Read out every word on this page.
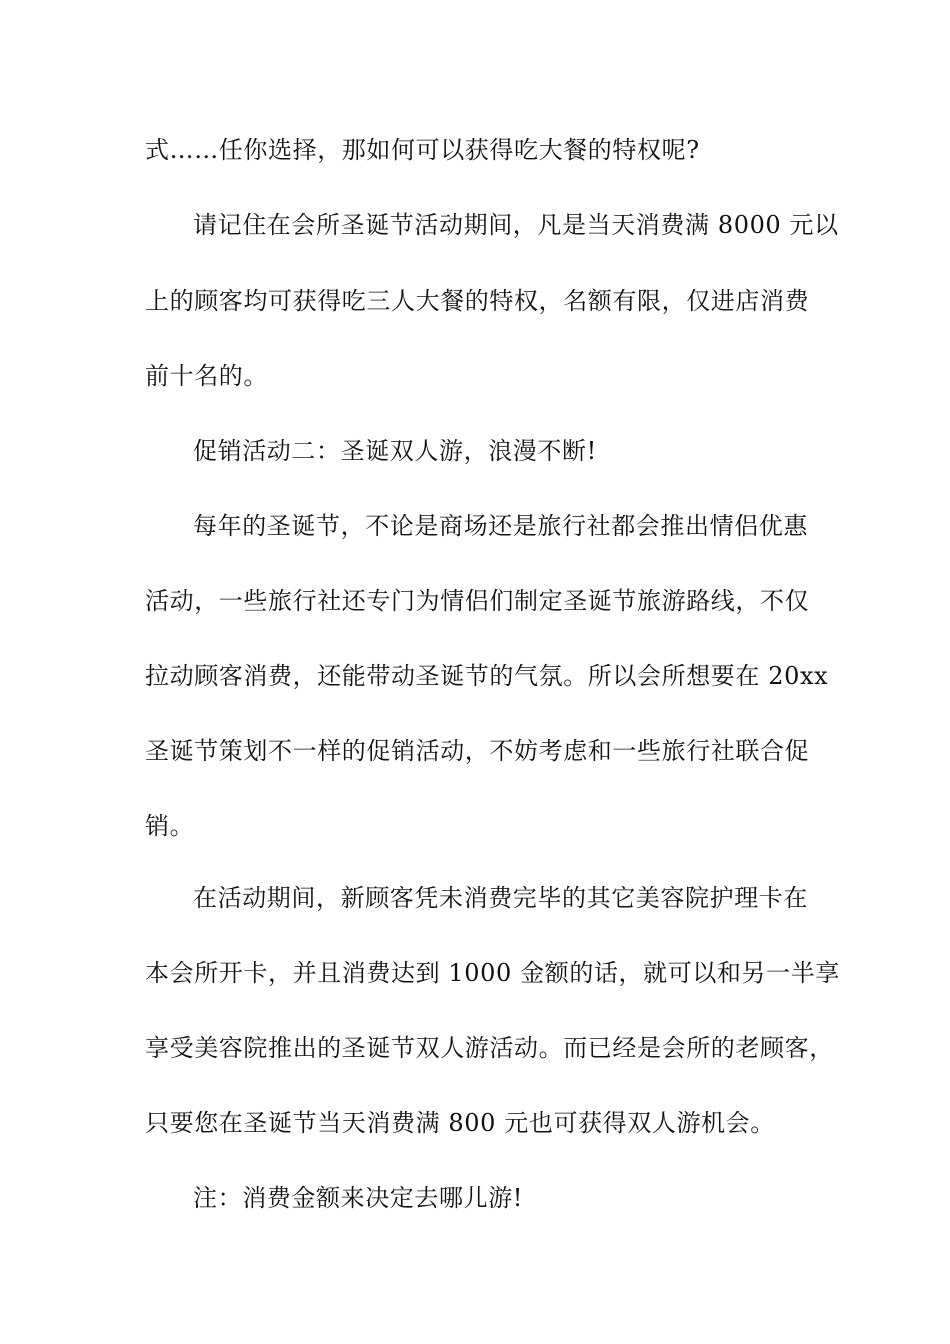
式……任你选择，那如何可以获得吃大餐的特权呢?
请记住在会所圣诞节活动期间，凡是当天消费满 8000 元以
上的顾客均可获得吃三人大餐的特权，名额有限，仅进店消费
前十名的。
促销活动二：圣诞双人游，浪漫不断!
每年的圣诞节，不论是商场还是旅行社都会推出情侣优惠
活动，一些旅行社还专门为情侣们制定圣诞节旅游路线，不仅
拉动顾客消费，还能带动圣诞节的气氛。所以会所想要在 20xx
圣诞节策划不一样的促销活动，不妨考虑和一些旅行社联合促
销。
在活动期间，新顾客凭未消费完毕的其它美容院护理卡在
本会所开卡，并且消费达到 1000 金额的话，就可以和另一半享
享受美容院推出的圣诞节双人游活动。而已经是会所的老顾客，
只要您在圣诞节当天消费满 800 元也可获得双人游机会。
注：消费金额来决定去哪儿游!
